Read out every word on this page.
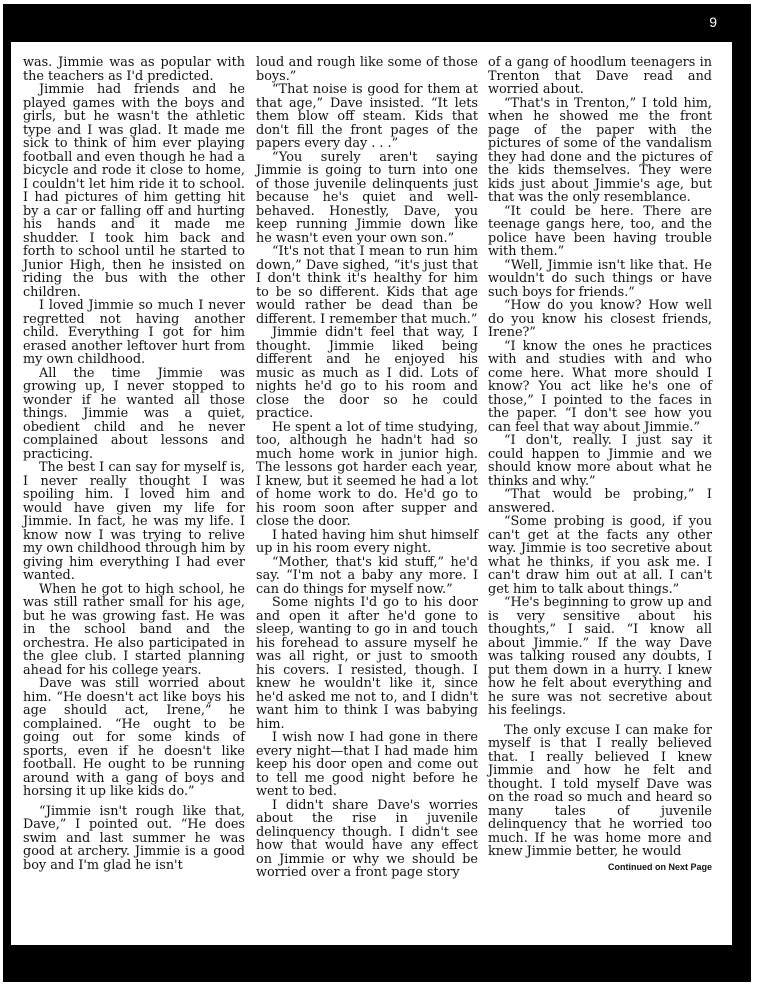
9

was. Jimmie was as popular with the teachers as I'd predicted.

Jimmie had friends and he played games with the boys and girls, but he wasn't the athletic type and I was glad. It made me sick to think of him ever playing football and even though he had a bicycle and rode it close to home, I couldn't let him ride it to school. I had pictures of him getting hit by a car or falling off and hurting his hands and it made me shudder. I took him back and forth to school until he started to Junior High, then he insisted on riding the bus with the other children.

I loved Jimmie so much I never regretted not having another child. Everything I got for him erased another leftover hurt from my own childhood.

All the time Jimmie was growing up, I never stopped to wonder if he wanted all those things. Jimmie was a quiet, obedient child and he never complained about lessons and practicing.

The best I can say for myself is, I never really thought I was spoiling him. I loved him and would have given my life for Jimmie. In fact, he was my life. I know now I was trying to relive my own childhood through him by giving him everything I had ever wanted.

When he got to high school, he was still rather small for his age, but he was growing fast. He was in the school band and the orchestra. He also participated in the glee club. I started planning ahead for his college years.

Dave was still worried about him. “He doesn't act like boys his age should act, Irene,” he complained. “He ought to be going out for some kinds of sports, even if he doesn't like football. He ought to be running around with a gang of boys and horsing it up like kids do.”

“Jimmie isn't rough like that, Dave,” I pointed out. “He does swim and last summer he was good at archery. Jimmie is a good boy and I'm glad he isn't

loud and rough like some of those boys.”

“That noise is good for them at that age,” Dave insisted. “It lets them blow off steam. Kids that don't fill the front pages of the papers every day . . .”

“You surely aren't saying Jimmie is going to turn into one of those juvenile delinquents just because he's quiet and well-behaved. Honestly, Dave, you keep running Jimmie down like he wasn't even your own son.”

“It's not that I mean to run him down,” Dave sighed, “it's just that I don't think it's healthy for him to be so different. Kids that age would rather be dead than be different. I remember that much.”

Jimmie didn't feel that way, I thought. Jimmie liked being different and he enjoyed his music as much as I did. Lots of nights he'd go to his room and close the door so he could practice.

He spent a lot of time studying, too, although he hadn't had so much home work in junior high. The lessons got harder each year, I knew, but it seemed he had a lot of home work to do. He'd go to his room soon after supper and close the door.

I hated having him shut himself up in his room every night.

“Mother, that's kid stuff,” he'd say. “I'm not a baby any more. I can do things for myself now.”

Some nights I'd go to his door and open it after he'd gone to sleep, wanting to go in and touch his forehead to assure myself he was all right, or just to smooth his covers. I resisted, though. I knew he wouldn't like it, since he'd asked me not to, and I didn't want him to think I was babying him.

I wish now I had gone in there every night—that I had made him keep his door open and come out to tell me good night before he went to bed.

I didn't share Dave's worries about the rise in juvenile delinquency though. I didn't see how that would have any effect on Jimmie or why we should be worried over a front page story

of a gang of hoodlum teenagers in Trenton that Dave read and worried about.

“That's in Trenton,” I told him, when he showed me the front page of the paper with the pictures of some of the vandalism they had done and the pictures of the kids themselves. They were kids just about Jimmie's age, but that was the only resemblance.

“It could be here. There are teenage gangs here, too, and the police have been having trouble with them.”

“Well, Jimmie isn't like that. He wouldn't do such things or have such boys for friends.”

“How do you know? How well do you know his closest friends, Irene?”

“I know the ones he practices with and studies with and who come here. What more should I know? You act like he's one of those,” I pointed to the faces in the paper. “I don't see how you can feel that way about Jimmie.”

“I don't, really. I just say it could happen to Jimmie and we should know more about what he thinks and why.”

“That would be probing,” I answered.

“Some probing is good, if you can't get at the facts any other way. Jimmie is too secretive about what he thinks, if you ask me. I can't draw him out at all. I can't get him to talk about things.”

“He's beginning to grow up and is very sensitive about his thoughts,” I said. “I know all about Jimmie.” If the way Dave was talking roused any doubts, I put them down in a hurry. I knew how he felt about everything and he sure was not secretive about his feelings.

The only excuse I can make for myself is that I really believed that. I really believed I knew Jimmie and how he felt and thought. I told myself Dave was on the road so much and heard so many tales of juvenile delinquency that he worried too much. If he was home more and knew Jimmie better, he would

Continued on Next Page
